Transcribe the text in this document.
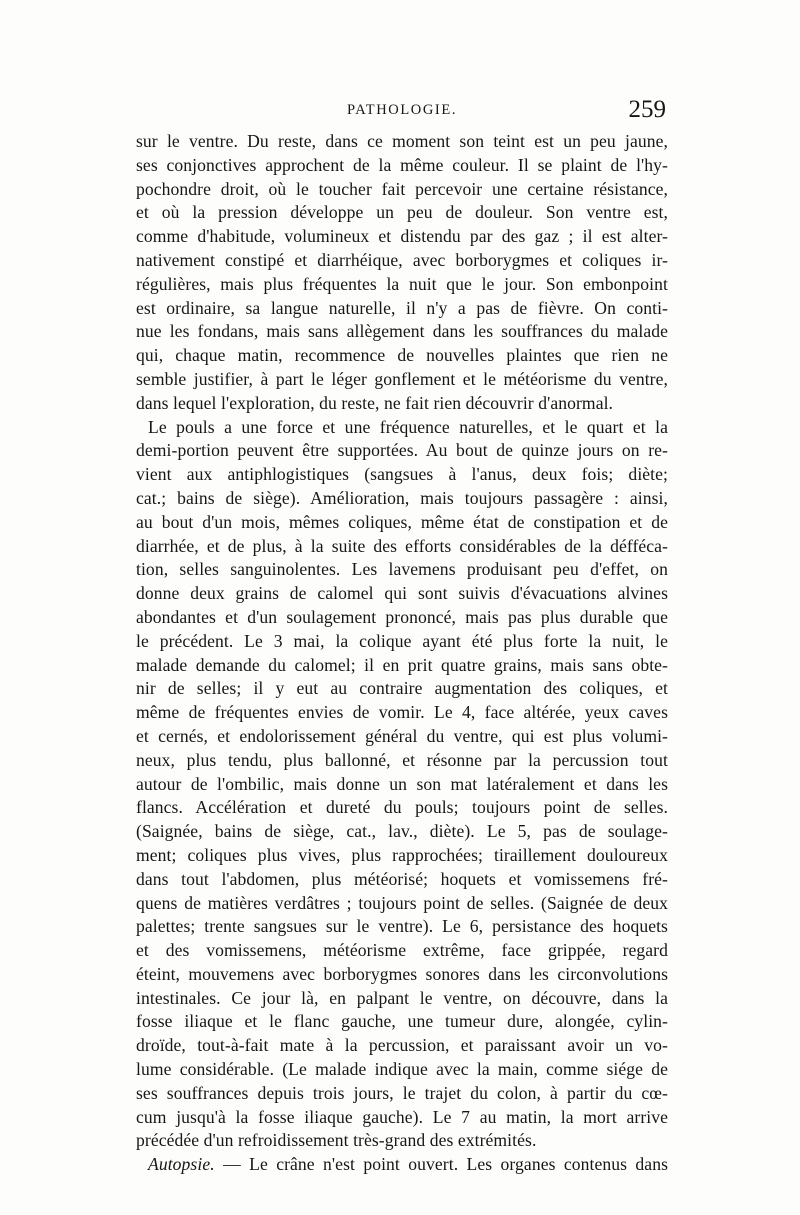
PATHOLOGIE.	259
sur le ventre. Du reste, dans ce moment son teint est un peu jaune,
ses conjonctives approchent de la même couleur. Il se plaint de l'hy-
pochondre droit, où le toucher fait percevoir une certaine résistance,
et où la pression développe un peu de douleur. Son ventre est,
comme d'habitude, volumineux et distendu par des gaz ; il est alter-
nativement constipé et diarrhéique, avec borborygmes et coliques ir-
régulières, mais plus fréquentes la nuit que le jour. Son embonpoint
est ordinaire, sa langue naturelle, il n'y a pas de fièvre. On conti-
nue les fondans, mais sans allègement dans les souffrances du malade
qui, chaque matin, recommence de nouvelles plaintes que rien ne
semble justifier, à part le léger gonflement et le météorisme du ventre,
dans lequel l'exploration, du reste, ne fait rien découvrir d'anormal.
Le pouls a une force et une fréquence naturelles, et le quart et la
demi-portion peuvent être supportées. Au bout de quinze jours on re-
vient aux antiphlogistiques (sangsues à l'anus, deux fois; diète;
cat.; bains de siège). Amélioration, mais toujours passagère : ainsi,
au bout d'un mois, mêmes coliques, même état de constipation et de
diarrhée, et de plus, à la suite des efforts considérables de la défféca-
tion, selles sanguinolentes. Les lavemens produisant peu d'effet, on
donne deux grains de calomel qui sont suivis d'évacuations alvines
abondantes et d'un soulagement prononcé, mais pas plus durable que
le précédent. Le 3 mai, la colique ayant été plus forte la nuit, le
malade demande du calomel; il en prit quatre grains, mais sans obte-
nir de selles; il y eut au contraire augmentation des coliques, et
même de fréquentes envies de vomir. Le 4, face altérée, yeux caves
et cernés, et endolorissement général du ventre, qui est plus volumi-
neux, plus tendu, plus ballonné, et résonne par la percussion tout
autour de l'ombilic, mais donne un son mat latéralement et dans les
flancs. Accélération et dureté du pouls; toujours point de selles.
(Saignée, bains de siège, cat., lav., diète). Le 5, pas de soulage-
ment; coliques plus vives, plus rapprochées; tiraillement douloureux
dans tout l'abdomen, plus météorisé; hoquets et vomissemens fré-
quens de matières verdâtres ; toujours point de selles. (Saignée de deux
palettes; trente sangsues sur le ventre). Le 6, persistance des hoquets
et des vomissemens, météorisme extrême, face grippée, regard
éteint, mouvemens avec borborygmes sonores dans les circonvolutions
intestinales. Ce jour là, en palpant le ventre, on découvre, dans la
fosse iliaque et le flanc gauche, une tumeur dure, alongée, cylin-
droïde, tout-à-fait mate à la percussion, et paraissant avoir un vo-
lume considérable. (Le malade indique avec la main, comme siége de
ses souffrances depuis trois jours, le trajet du colon, à partir du cœ-
cum jusqu'à la fosse iliaque gauche). Le 7 au matin, la mort arrive
précédée d'un refroidissement très-grand des extrémités.
Autopsie. — Le crâne n'est point ouvert. Les organes contenus dans
